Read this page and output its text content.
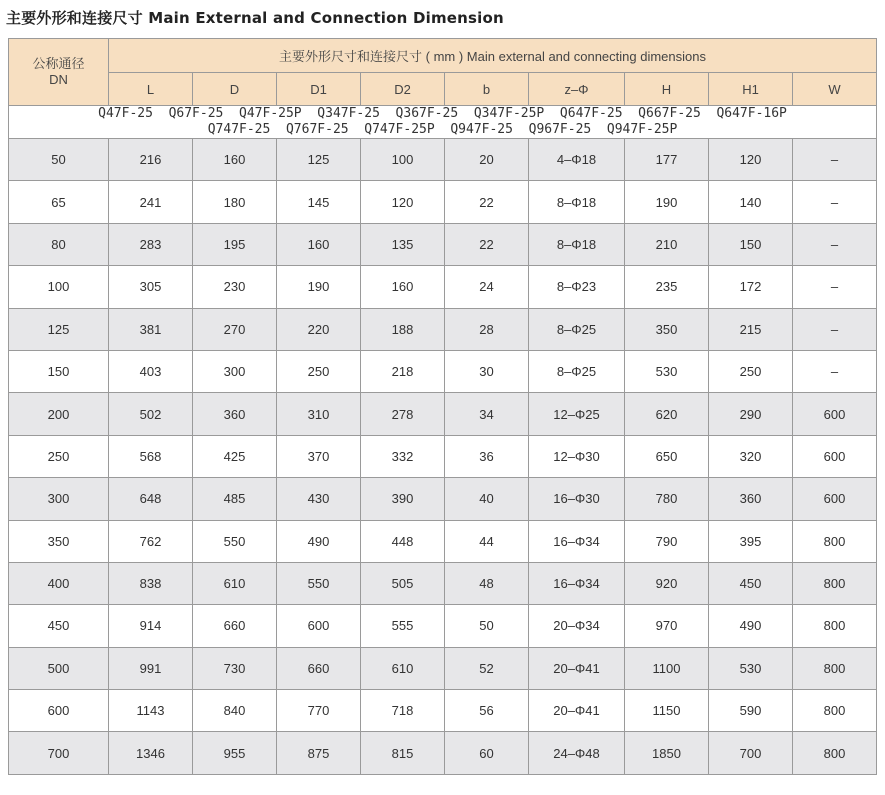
主要外形和连接尺寸 Main External and Connection Dimension
公称通径
DN	主要外形尺寸和连接尺寸 ( mm ) Main external and connecting dimensions								
	L	D	D1	D2	b	z–Φ	H	H1	W
Q47F-25  Q67F-25  Q47F-25P  Q347F-25  Q367F-25  Q347F-25P  Q647F-25  Q667F-25  Q647F-16P
Q747F-25  Q767F-25  Q747F-25P  Q947F-25  Q967F-25  Q947F-25P									
50	216	160	125	100	20	4–Φ18	177	120	–
65	241	180	145	120	22	8–Φ18	190	140	–
80	283	195	160	135	22	8–Φ18	210	150	–
100	305	230	190	160	24	8–Φ23	235	172	–
125	381	270	220	188	28	8–Φ25	350	215	–
150	403	300	250	218	30	8–Φ25	530	250	–
200	502	360	310	278	34	12–Φ25	620	290	600
250	568	425	370	332	36	12–Φ30	650	320	600
300	648	485	430	390	40	16–Φ30	780	360	600
350	762	550	490	448	44	16–Φ34	790	395	800
400	838	610	550	505	48	16–Φ34	920	450	800
450	914	660	600	555	50	20–Φ34	970	490	800
500	991	730	660	610	52	20–Φ41	1100	530	800
600	1143	840	770	718	56	20–Φ41	1150	590	800
700	1346	955	875	815	60	24–Φ48	1850	700	800
